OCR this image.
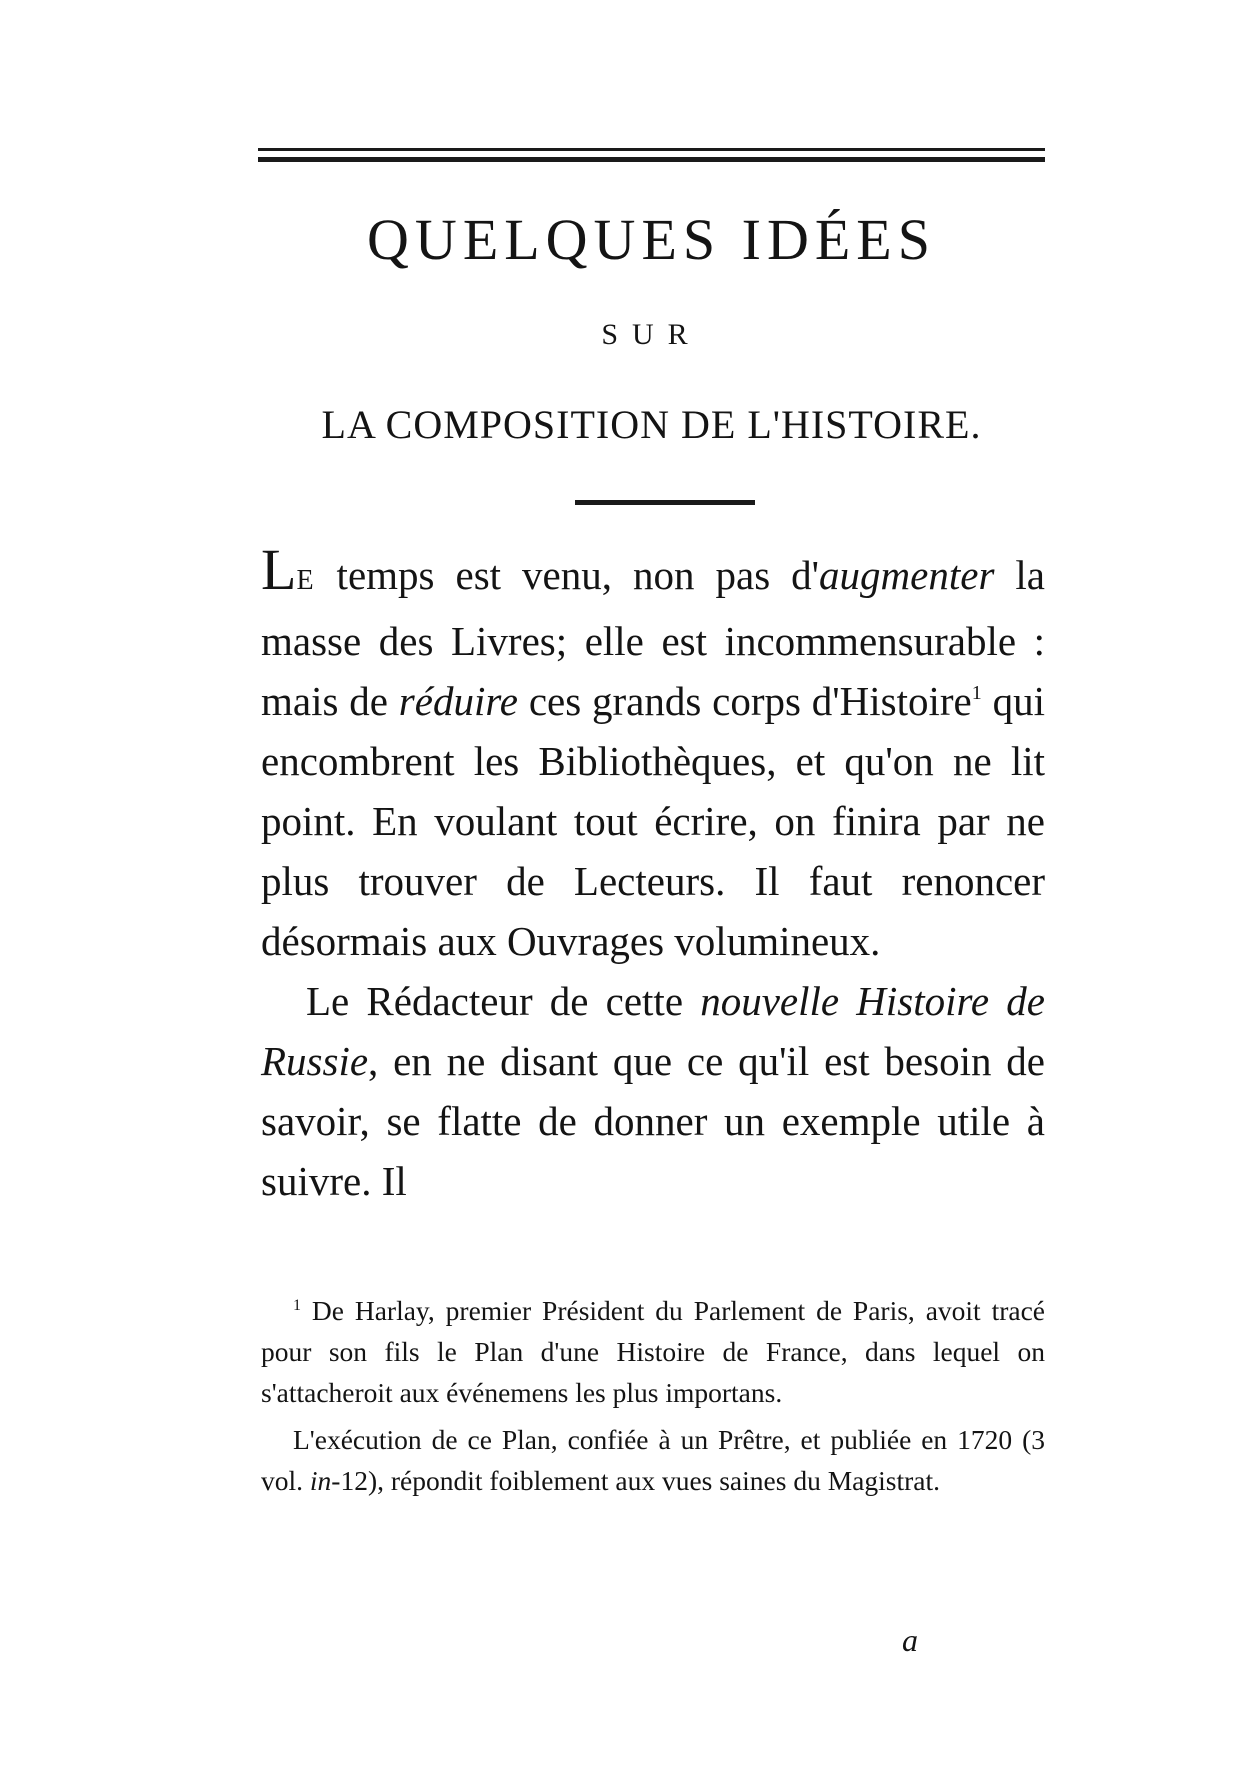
QUELQUES IDÉES
SUR
LA COMPOSITION DE L'HISTOIRE.

LE temps est venu, non pas d'augmenter la masse des Livres; elle est incommensurable : mais de réduire ces grands corps d'Histoire$^1$ qui encombrent les Bibliothèques, et qu'on ne lit point. En voulant tout écrire, on finira par ne plus trouver de Lecteurs. Il faut renoncer désormais aux Ouvrages volumineux.

Le Rédacteur de cette nouvelle Histoire de Russie, en ne disant que ce qu'il est besoin de savoir, se flatte de donner un exemple utile à suivre. Il

$^1$ De Harlay, premier Président du Parlement de Paris, avoit tracé pour son fils le Plan d'une Histoire de France, dans lequel on s'attacheroit aux événemens les plus importans.

L'exécution de ce Plan, confiée à un Prêtre, et publiée en 1720 (3 vol. in-12), répondit foiblement aux vues saines du Magistrat.

a
